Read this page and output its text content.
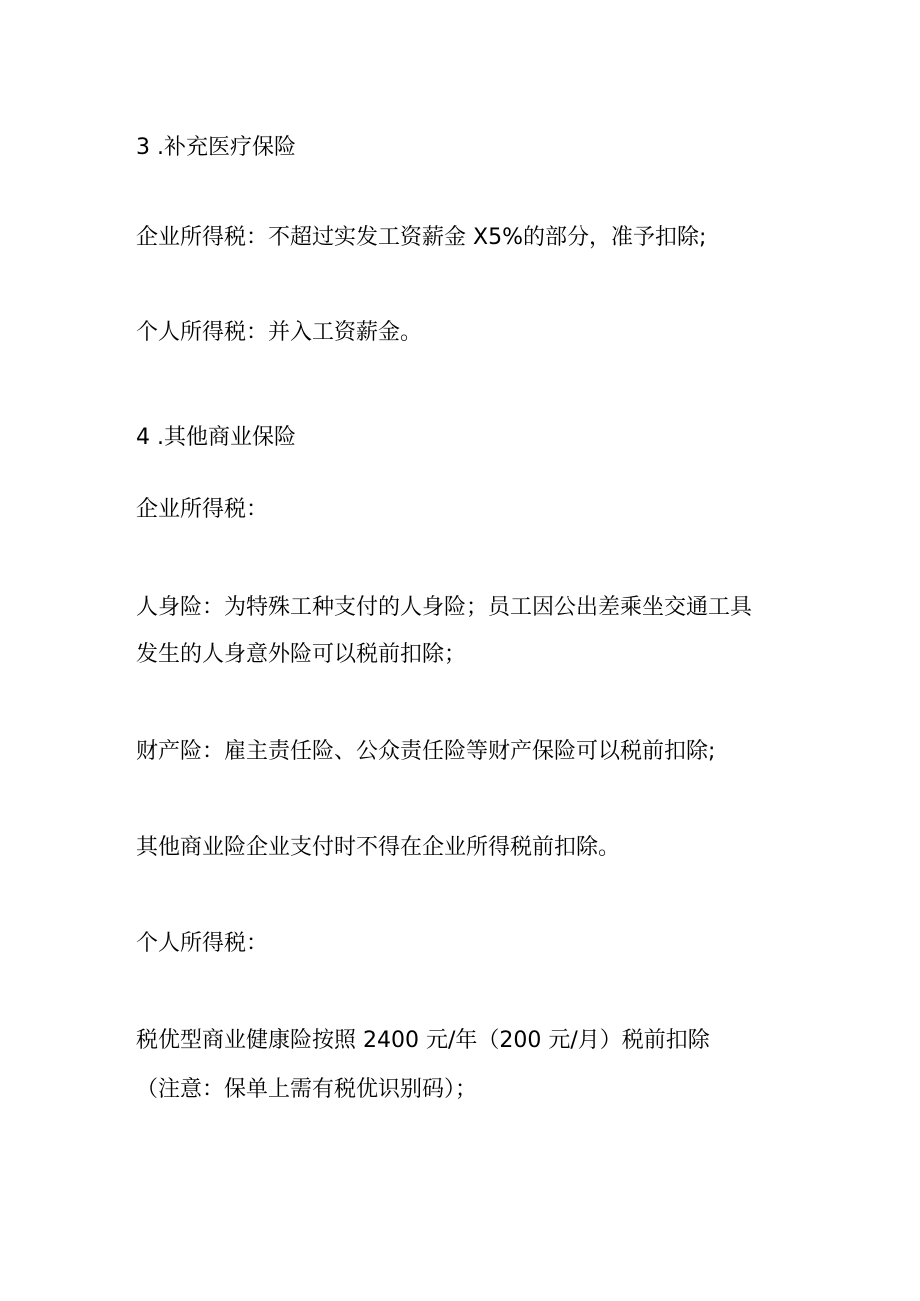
3 .补充医疗保险

企业所得税：不超过实发工资薪金 X5%的部分，准予扣除;

个人所得税：并入工资薪金。

4 .其他商业保险

企业所得税：

人身险：为特殊工种支付的人身险；员工因公出差乘坐交通工具

发生的人身意外险可以税前扣除；

财产险：雇主责任险、公众责任险等财产保险可以税前扣除;

其他商业险企业支付时不得在企业所得税前扣除。

个人所得税：

税优型商业健康险按照 2400 元/年（200 元/月）税前扣除

（注意：保单上需有税优识别码）；
